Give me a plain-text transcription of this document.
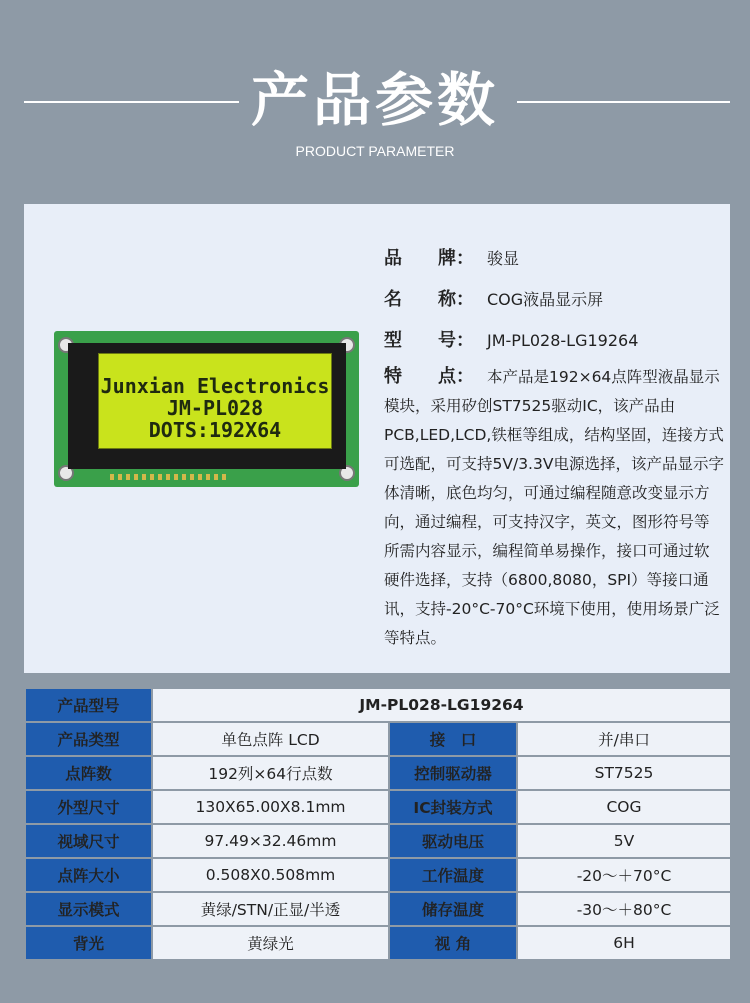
产品参数
PRODUCT PARAMETER
Junxian Electronics
JM-PL028
DOTS:192X64
品　　牌： 骏显
名　　称： COG液晶显示屏
型　　号： JM-PL028-LG19264
特　　点： 本产品是192×64点阵型液晶显示模块，采用矽创ST7525驱动IC，该产品由PCB,LED,LCD,铁框等组成，结构坚固，连接方式可选配，可支持5V/3.3V电源选择，该产品显示字体清晰，底色均匀，可通过编程随意改变显示方向，通过编程，可支持汉字，英文，图形符号等所需内容显示，编程简单易操作，接口可通过软硬件选择，支持（6800,8080，SPI）等接口通讯，支持-20°C-70°C环境下使用，使用场景广泛等特点。
产品型号	JM-PL028-LG19264		
产品类型	单色点阵 LCD	接　口	并/串口
点阵数	192列×64行点数	控制驱动器	ST7525
外型尺寸	130X65.00X8.1mm	IC封装方式	COG
视域尺寸	97.49×32.46mm	驱动电压	5V
点阵大小	0.508X0.508mm	工作温度	-20～＋70°C
显示模式	黄绿/STN/正显/半透	储存温度	-30～＋80°C
背光	黄绿光	视 角	6H
